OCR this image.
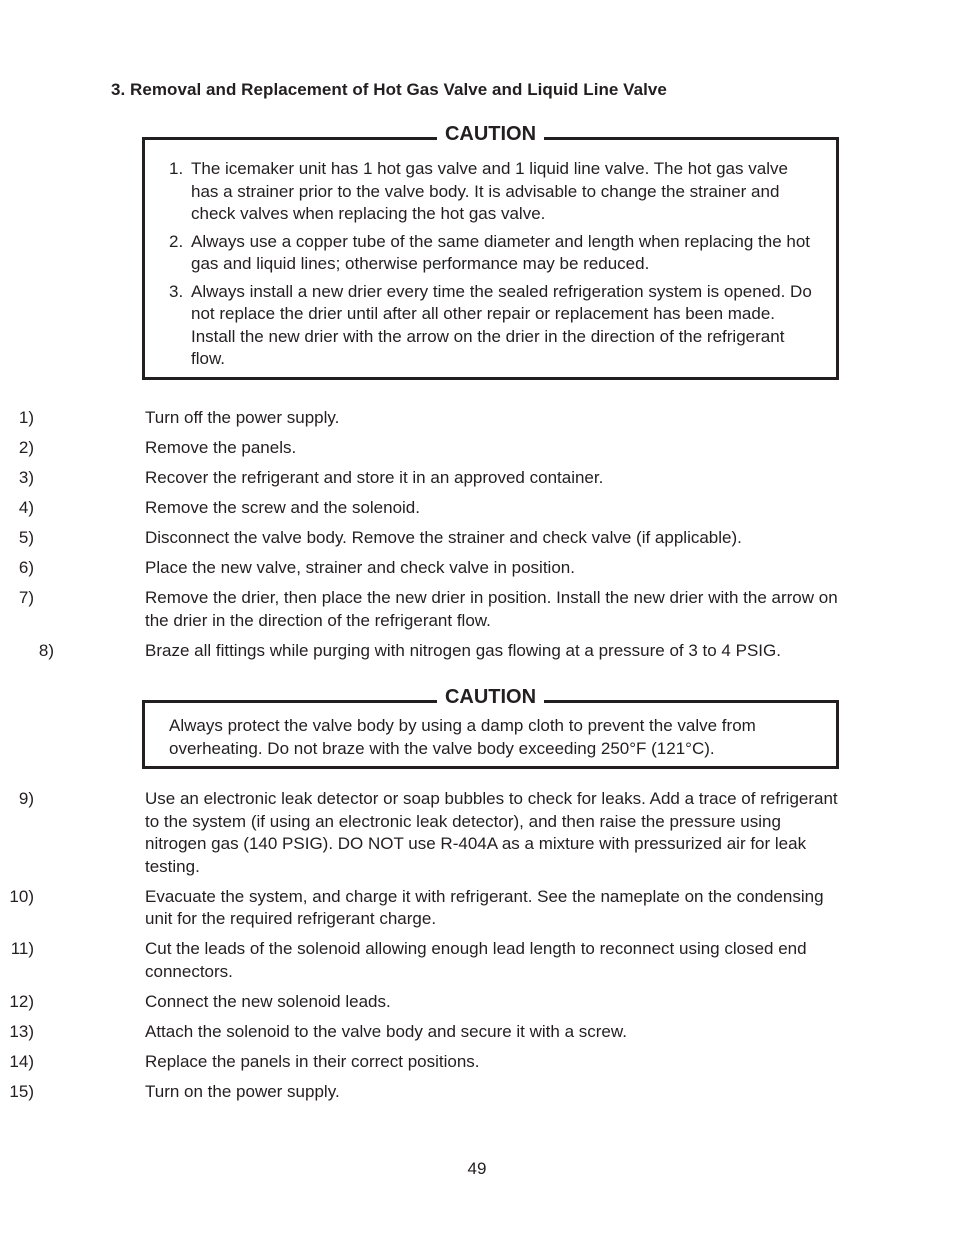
3. Removal and Replacement of Hot Gas Valve and Liquid Line Valve
CAUTION
1. The icemaker unit has 1 hot gas valve and 1 liquid line valve. The hot gas valve has a strainer prior to the valve body. It is advisable to change the strainer and check valves when replacing the hot gas valve.
2. Always use a copper tube of the same diameter and length when replacing the hot gas and liquid lines; otherwise performance may be reduced.
3. Always install a new drier every time the sealed refrigeration system is opened. Do not replace the drier until after all other repair or replacement has been made. Install the new drier with the arrow on the drier in the direction of the refrigerant flow.
1)	Turn off the power supply.
2)	Remove the panels.
3)	Recover the refrigerant and store it in an approved container.
4)	Remove the screw and the solenoid.
5)	Disconnect the valve body. Remove the strainer and check valve (if applicable).
6)	Place the new valve, strainer and check valve in position.
7)	Remove the drier, then place the new drier in position. Install the new drier with the arrow on the drier in the direction of the refrigerant flow.
8)	Braze all fittings while purging with nitrogen gas flowing at a pressure of 3 to 4 PSIG.
CAUTION
Always protect the valve body by using a damp cloth to prevent the valve from overheating. Do not braze with the valve body exceeding 250°F (121°C).
9)	Use an electronic leak detector or soap bubbles to check for leaks. Add a trace of refrigerant to the system (if using an electronic leak detector), and then raise the pressure using nitrogen gas (140 PSIG). DO NOT use R-404A as a mixture with pressurized air for leak testing.
10)	Evacuate the system, and charge it with refrigerant. See the nameplate on the condensing unit for the required refrigerant charge.
11)	Cut the leads of the solenoid allowing enough lead length to reconnect using closed end connectors.
12)	Connect the new solenoid leads.
13)	Attach the solenoid to the valve body and secure it with a screw.
14)	Replace the panels in their correct positions.
15)	Turn on the power supply.
49
